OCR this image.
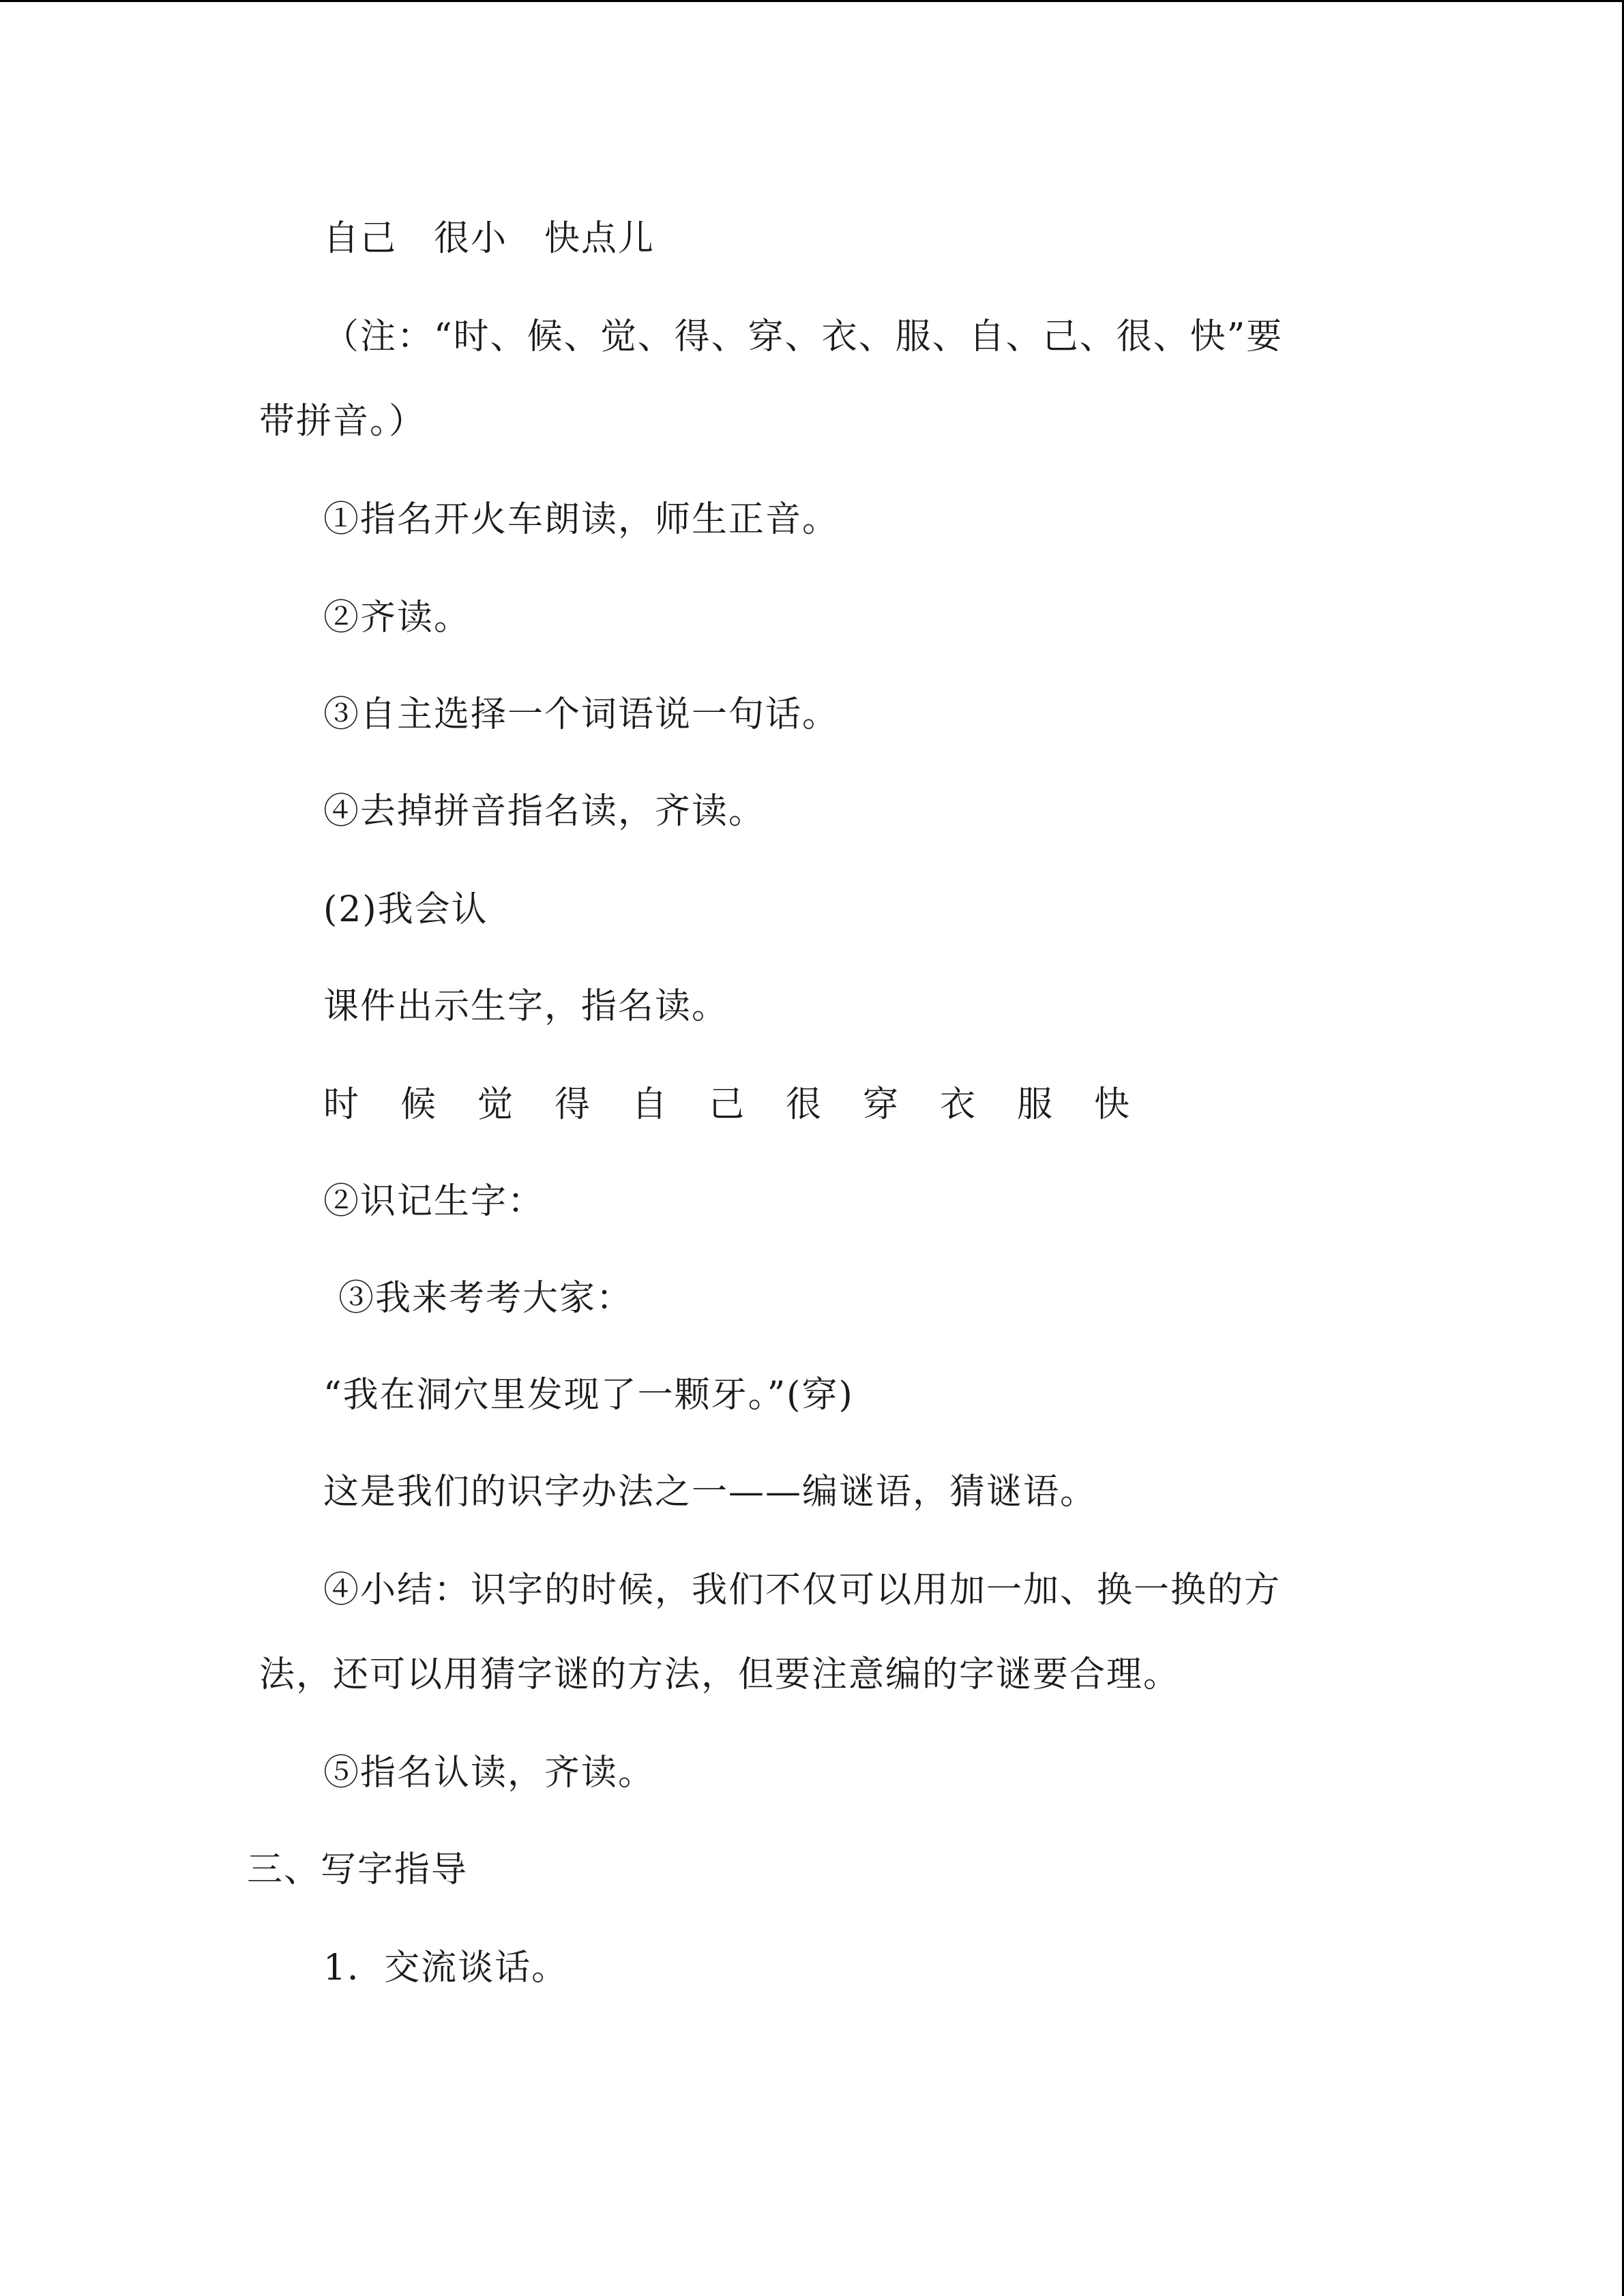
自己　很小　快点儿
（注：“时、候、觉、得、穿、衣、服、自、己、很、快”要
带拼音。）
①指名开火车朗读，师生正音。
②齐读。
③自主选择一个词语说一句话。
④去掉拼音指名读，齐读。
(2)我会认
课件出示生字，指名读。
时	候	觉	得	自	己	很	穿	衣	服	快
②识记生字：
③我来考考大家：
“我在洞穴里发现了一颗牙。”(穿)
这是我们的识字办法之一——编谜语，猜谜语。
④小结：识字的时候，我们不仅可以用加一加、换一换的方
法，还可以用猜字谜的方法，但要注意编的字谜要合理。
⑤指名认读，齐读。
三、写字指导
1．交流谈话。
